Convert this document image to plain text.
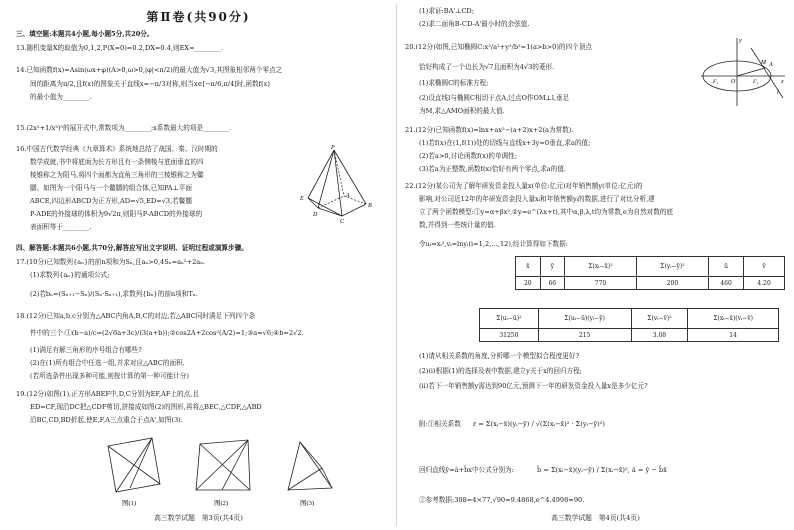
第Ⅱ卷(共90分)
三、填空题:本题共4小题,每小题5分,共20分。
13.随机变量X的取值为0,1,2,P(X=0)=0.2,DX=0.4,则EX=________.
14.已知函数f(x)=Asin(ωx+φ)(A>0,ω>0,|φ|<π/2)的最大值为√3,其图象相邻两个零点之
间的距离为π/2,且f(x)的图象关于直线x=−π/3对称,则当x∈[−π/6,π/4]时,函数f(x)
的最小值为________.
15.(2x²+1/x³)⁵的展开式中,常数项为________;x系数最大的项是________.
16.中国古代数学经典《九章算术》系统地总结了战国、秦、汉时期的
数学成就,书中将底面为长方形且有一条侧棱与底面垂直的四
棱锥称之为阳马,将四个面都为直角三角形的三棱锥称之为鳖
臑。如图为一个阳马与一个鳖臑的组合体,已知PA⊥平面
ABCE,四边形ABCD为正方形,AD=√5,ED=√3,若鳖臑
P-ADE的外接球的体积为9√2π,则阳马P-ABCD的外接球的
表面积等于________.
P
A
B
C
D
E
四、解答题:本题共6小题,共70分,解答应写出文字说明、证明过程或演算步骤。
17.(10分)已知数列{aₙ}的前n项和为Sₙ,且aₙ>0,4Sₙ=aₙ²+2aₙ.
(1)求数列{aₙ}的通项公式;
(2)若bₙ=(Sₙ₊₁−Sₙ)/(Sₙ·Sₙ₊₁),求数列{bₙ}的前n项和Tₙ.
18.(12分)已知a,b,c分别为△ABC内角A,B,C的对边,若△ABC同时满足下列四个条
件中的三个:①(b−a)/c=(2√6a+3c)/(3(a+b));②cos2A+2cos²(A/2)=1;③a=√6;④b=2√2.
(1)满足有解三角形的序号组合有哪些?
(2)在(1)所有组合中任选一组,并求对应△ABC的面积.
(若所选条件出现多种可能,则按计算的第一种可能计分)
19.(12分)如图(1),正方形ABEF中,D,C分别为EF,AF上的点,且
ED=CF,现沿DC把△CDF剪切,拼接成如图(2)的图形,再将△BEC,△CDF,△ABD
沿BC,CD,BD折起,使E,F,A三点重合于点A',如图(3).
图(1)	图(2)	图(3)
高三数学试题　第3页(共4页)
(1)求证:BA'⊥CD;
(2)求二面角B-CD-A'最小时的余弦值.
20.(12分)如图,已知椭圆C:x²/a²+y²/b²=1(a>b>0)的四个顶点
恰好构成了一个边长为√7且面积为4√3的菱形.
(1)求椭圆C的标准方程;
(2)设直线l与椭圆C相切于点A,过点O作OM⊥l,垂足
为M,求△AMO面积的最大值.
y
x
O
F₁	F₂
l
A
M
21.(12分)已知函数f(x)=lnx+ax²−(a+2)x+2(a为常数).
(1)若f(x)在(1,f(1))处的切线与直线x+3y=0垂直,求a的值;
(2)若a>0,讨论函数f(x)的单调性;
(3)若a为正整数,函数f(x)恰好有两个零点,求a的值.
22.(12分)某公司为了解年研发资金投入量x(单位:亿元)对年销售额y(单位:亿元)的
影响,对公司近12年的年研发资金投入量xᵢ和年销售额yᵢ的数据,进行了对比分析,建
立了两个函数模型:①y=α+βx²,②y=e^(λx+t),其中α,β,λ,t均为常数,e为自然对数的底
数,并得到一些统计量的值.
令uᵢ=xᵢ²,vᵢ=lnyᵢ(i=1,2,…,12),经计算得如下数据:
x̄	ȳ	Σ(xᵢ−x̄)²	Σ(yᵢ−ȳ)²	ū	v̄
20	66	770	200	460	4.20
Σ(uᵢ−ū)²	Σ(uᵢ−ū)(yᵢ−ȳ)	Σ(vᵢ−v̄)²	Σ(xᵢ−x̄)(vᵢ−v̄)
31250	215	3.08	14
(1)请从相关系数的角度,分析哪一个模型拟合程度更好?
(2)(i)根据(1)的选择及表中数据,建立y关于x的回归方程;
(ii)若下一年销售额y需达到90亿元,预测下一年的研发资金投入量x是多少亿元?
附:①相关系数 r = Σ(xᵢ−x̄)(yᵢ−ȳ) / √(Σ(xᵢ−x̄)² · Σ(yᵢ−ȳ)²)
回归直线ŷ=â+b̂x中公式分别为:	b̂ = Σ(xᵢ−x̄)(yᵢ−ȳ) / Σ(xᵢ−x̄)², â = ȳ − b̂x̄
②参考数据:308=4×77,√90≈9.4868,e^4.4998≈90.
高三数学试题　第4页(共4页)
